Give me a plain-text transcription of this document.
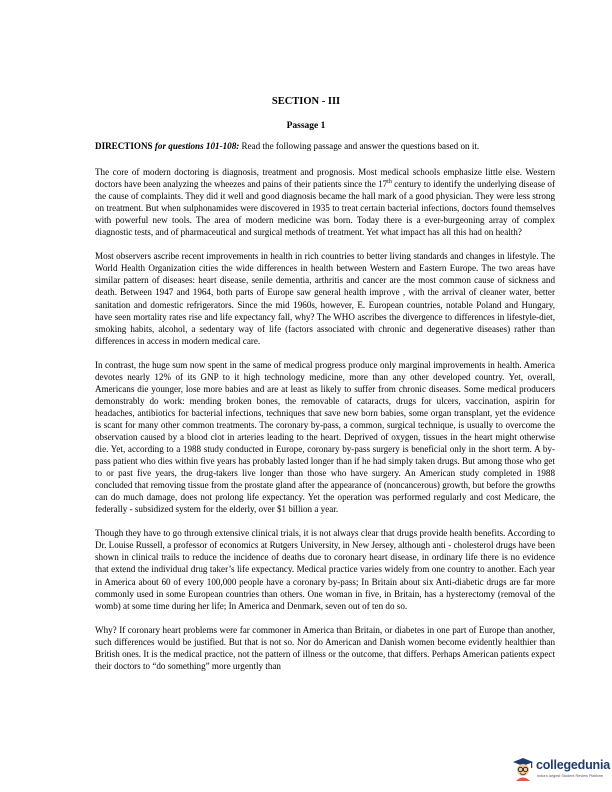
SECTION - III
Passage 1

DIRECTIONS for questions 101-108: Read the following passage and answer the questions based on it.

The core of modern doctoring is diagnosis, treatment and prognosis. Most medical schools emphasize little else. Western doctors have been analyzing the wheezes and pains of their patients since the 17th century to identify the underlying disease of the cause of complaints. They did it well and good diagnosis became the hall mark of a good physician. They were less strong on treatment. But when sulphonamides were discovered in 1935 to treat certain bacterial infections, doctors found themselves with powerful new tools. The area of modern medicine was born. Today there is a ever-burgeoning array of complex diagnostic tests, and of pharmaceutical and surgical methods of treatment. Yet what impact has all this had on health?

Most observers ascribe recent improvements in health in rich countries to better living standards and changes in lifestyle. The World Health Organization cities the wide differences in health between Western and Eastern Europe. The two areas have similar pattern of diseases: heart disease, senile dementia, arthritis and cancer are the most common cause of sickness and death. Between 1947 and 1964, both parts of Europe saw general health improve , with the arrival of cleaner water, better sanitation and domestic refrigerators. Since the mid 1960s, however, E. European countries, notable Poland and Hungary, have seen mortality rates rise and life expectancy fall, why? The WHO ascribes the divergence to differences in lifestyle-diet, smoking habits, alcohol, a sedentary way of life (factors associated with chronic and degenerative diseases) rather than differences in access in modern medical care.

In contrast, the huge sum now spent in the same of medical progress produce only marginal improvements in health. America devotes nearly 12% of its GNP to it high technology medicine, more than any other developed country. Yet, overall, Americans die younger, lose more babies and are at least as likely to suffer from chronic diseases. Some medical producers demonstrably do work: mending broken bones, the removable of cataracts, drugs for ulcers, vaccination, aspirin for headaches, antibiotics for bacterial infections, techniques that save new born babies, some organ transplant, yet the evidence is scant for many other common treatments. The coronary by-pass, a common, surgical technique, is usually to overcome the observation caused by a blood clot in arteries leading to the heart. Deprived of oxygen, tissues in the heart might otherwise die. Yet, according to a 1988 study conducted in Europe, coronary by-pass surgery is beneficial only in the short term. A by-pass patient who dies within five years has probably lasted longer than if he had simply taken drugs. But among those who get to or past five years, the drug-takers live longer than those who have surgery. An American study completed in 1988 concluded that removing tissue from the prostate gland after the appearance of (noncancerous) growth, but before the growths can do much damage, does not prolong life expectancy. Yet the operation was performed regularly and cost Medicare, the federally - subsidized system for the elderly, over $1 billion a year.

Though they have to go through extensive clinical trials, it is not always clear that drugs provide health benefits. According to Dr. Louise Russell, a professor of economics at Rutgers University, in New Jersey, although anti - cholesterol drugs have been shown in clinical trails to reduce the incidence of deaths due to coronary heart disease, in ordinary life there is no evidence that extend the individual drug taker’s life expectancy. Medical practice varies widely from one country to another. Each year in America about 60 of every 100,000 people have a coronary by-pass; In Britain about six Anti-diabetic drugs are far more commonly used in some European countries than others. One woman in five, in Britain, has a hysterectomy (removal of the womb) at some time during her life; In America and Denmark, seven out of ten do so.

Why? If coronary heart problems were far commoner in America than Britain, or diabetes in one part of Europe than another, such differences would be justified. But that is not so. Nor do American and Danish women become evidently healthier than British ones. It is the medical practice, not the pattern of illness or the outcome, that differs. Perhaps American patients expect their doctors to “do something” more urgently than

collegedunia
India's largest Student Review Platform
